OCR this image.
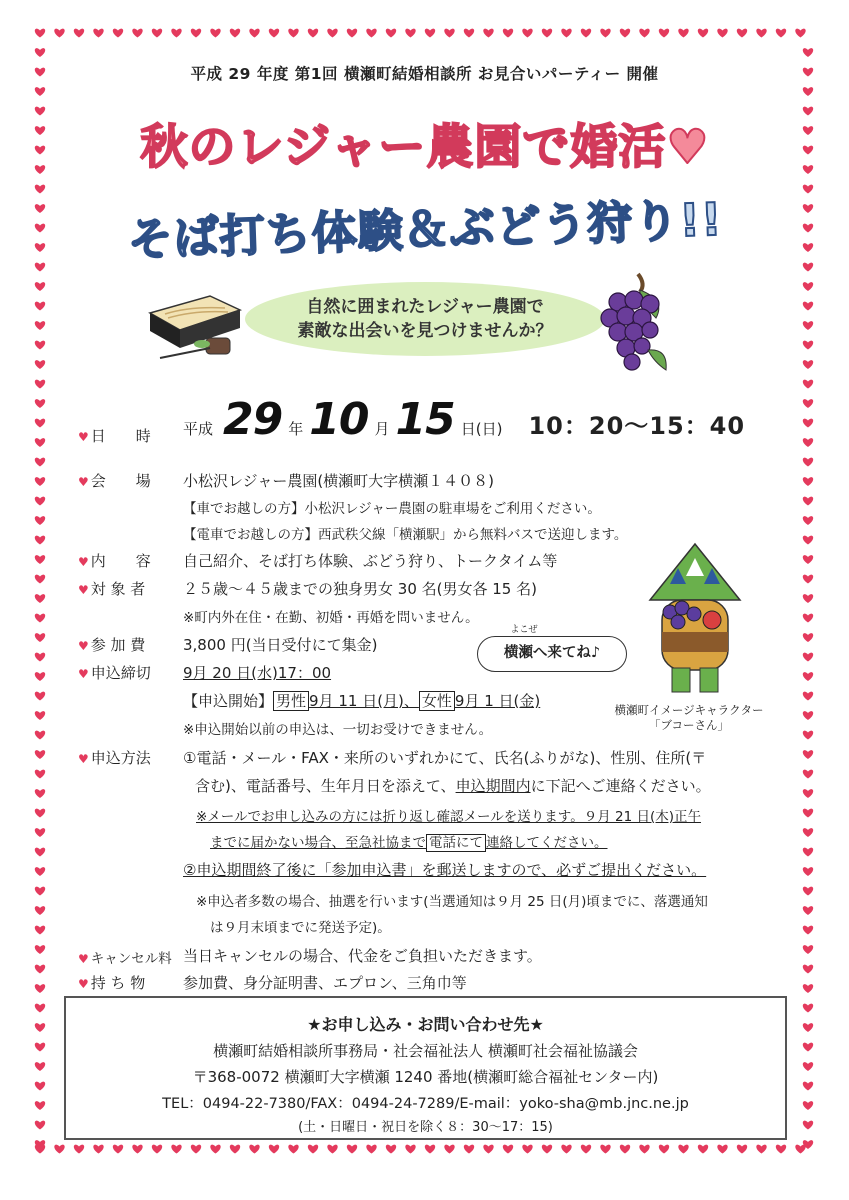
平成 29 年度 第1回 横瀬町結婚相談所 お見合いパーティー 開催
秋のレジャー農園で婚活♥
そば打ち体験＆ぶどう狩り!!
自然に囲まれたレジャー農園で
素敵な出会いを見つけませんか？
♥ 日　　時 平成 29 年 10 月 15 日(日) 10：20〜15：40
♥ 会　　場 小松沢レジャー農園(横瀬町大字横瀬１４０８)
【車でお越しの方】小松沢レジャー農園の駐車場をご利用ください。
【電車でお越しの方】西武秩父線「横瀬駅」から無料バスで送迎します。
♥ 内　　容 自己紹介、そば打ち体験、ぶどう狩り、トークタイム等
♥ 対 象 者	２５歳〜４５歳までの独身男女 30 名(男女各 15 名)
※町内外在住・在勤、初婚・再婚を問いません。
♥ 参 加 費	3,800 円(当日受付にて集金)
♥ 申込締切 9月 20 日(水)17：00
【申込開始】 男性 9月 11 日(月)、 女性 9月 1 日(金)
※申込開始以前の申込は、一切お受けできません。
よこぜ
横瀬へ来てね♪
横瀬町イメージキャラクター
「ブコーさん」
♥ 申込方法 ①電話・メール・FAX・来所のいずれかにて、氏名(ふりがな)、性別、住所(〒
含む)、電話番号、生年月日を添えて、申込期間内に下記へご連絡ください。
※メールでお申し込みの方には折り返し確認メールを送ります。９月 21 日(木)正午
までに届かない場合、至急社協まで 電話にて 連絡してください。
②申込期間終了後に「参加申込書」を郵送しますので、必ずご提出ください。
※申込者多数の場合、抽選を行います(当選通知は９月 25 日(月)頃までに、落選通知
は９月末頃までに発送予定)。
♥ キャンセル料 当日キャンセルの場合、代金をご負担いただきます。
♥ 持 ち 物	参加費、身分証明書、エプロン、三角巾等
★お申し込み・お問い合わせ先★
横瀬町結婚相談所事務局・社会福祉法人 横瀬町社会福祉協議会
〒368-0072 横瀬町大字横瀬 1240 番地(横瀬町総合福祉センター内)
TEL：0494-22-7380/FAX：0494-24-7289/E-mail：yoko-sha@mb.jnc.ne.jp
(土・日曜日・祝日を除く８：30〜17：15)
